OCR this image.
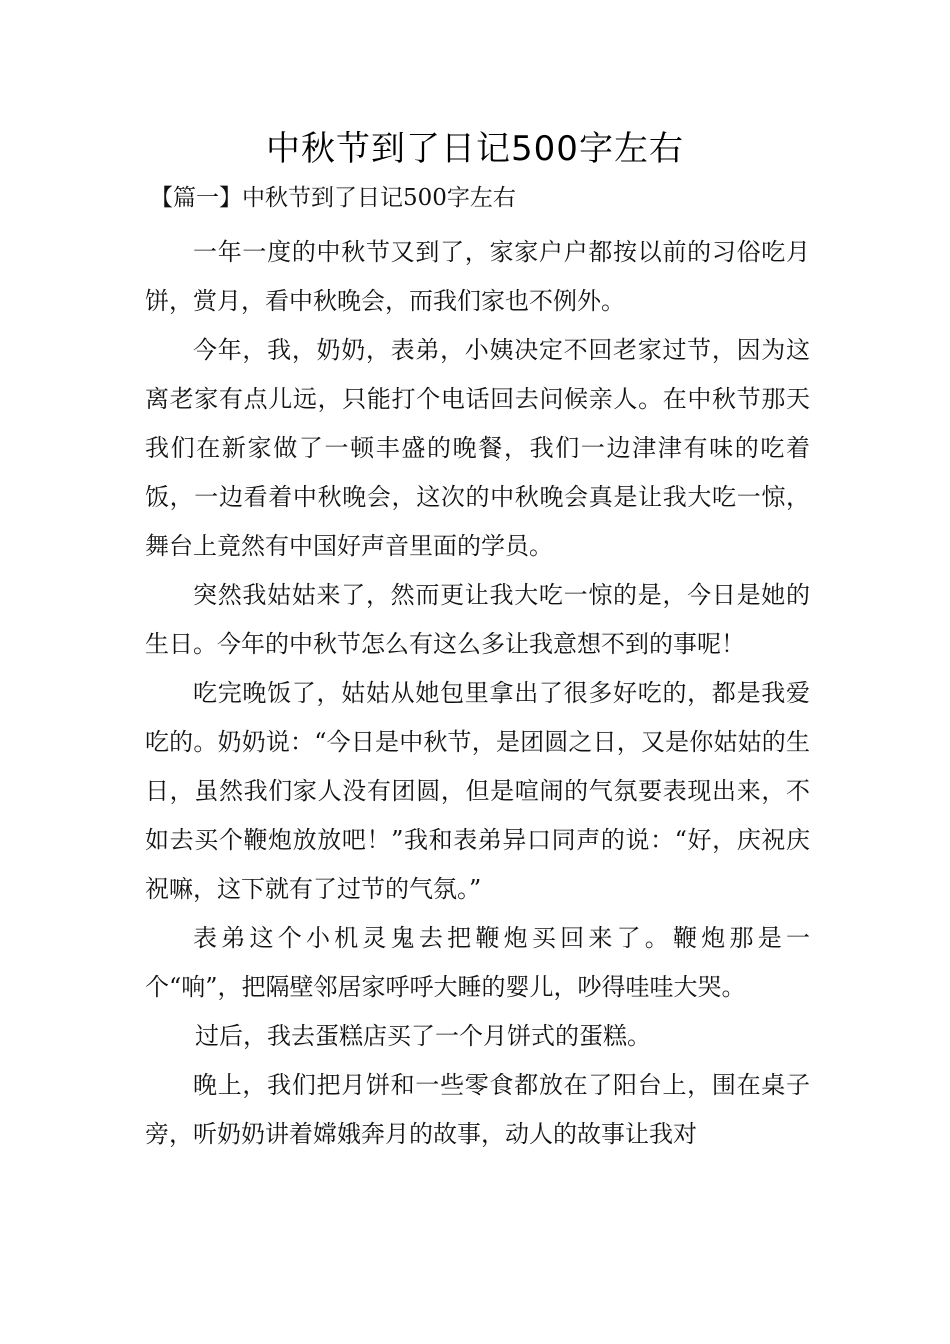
中秋节到了日记500字左右
【篇一】中秋节到了日记500字左右

一年一度的中秋节又到了，家家户户都按以前的习俗吃月饼，赏月，看中秋晚会，而我们家也不例外。

今年，我，奶奶，表弟，小姨决定不回老家过节，因为这离老家有点儿远，只能打个电话回去问候亲人。在中秋节那天我们在新家做了一顿丰盛的晚餐，我们一边津津有味的吃着饭，一边看着中秋晚会，这次的中秋晚会真是让我大吃一惊，舞台上竟然有中国好声音里面的学员。

突然我姑姑来了，然而更让我大吃一惊的是，今日是她的生日。今年的中秋节怎么有这么多让我意想不到的事呢！

吃完晚饭了，姑姑从她包里拿出了很多好吃的，都是我爱吃的。奶奶说：“今日是中秋节，是团圆之日，又是你姑姑的生日，虽然我们家人没有团圆，但是喧闹的气氛要表现出来，不如去买个鞭炮放放吧！”我和表弟异口同声的说：“好，庆祝庆祝嘛，这下就有了过节的气氛。”

表弟这个小机灵鬼去把鞭炮买回来了。鞭炮那是一个“响”，把隔壁邻居家呼呼大睡的婴儿，吵得哇哇大哭。

过后，我去蛋糕店买了一个月饼式的蛋糕。

晚上，我们把月饼和一些零食都放在了阳台上，围在桌子旁，听奶奶讲着嫦娥奔月的故事，动人的故事让我对
